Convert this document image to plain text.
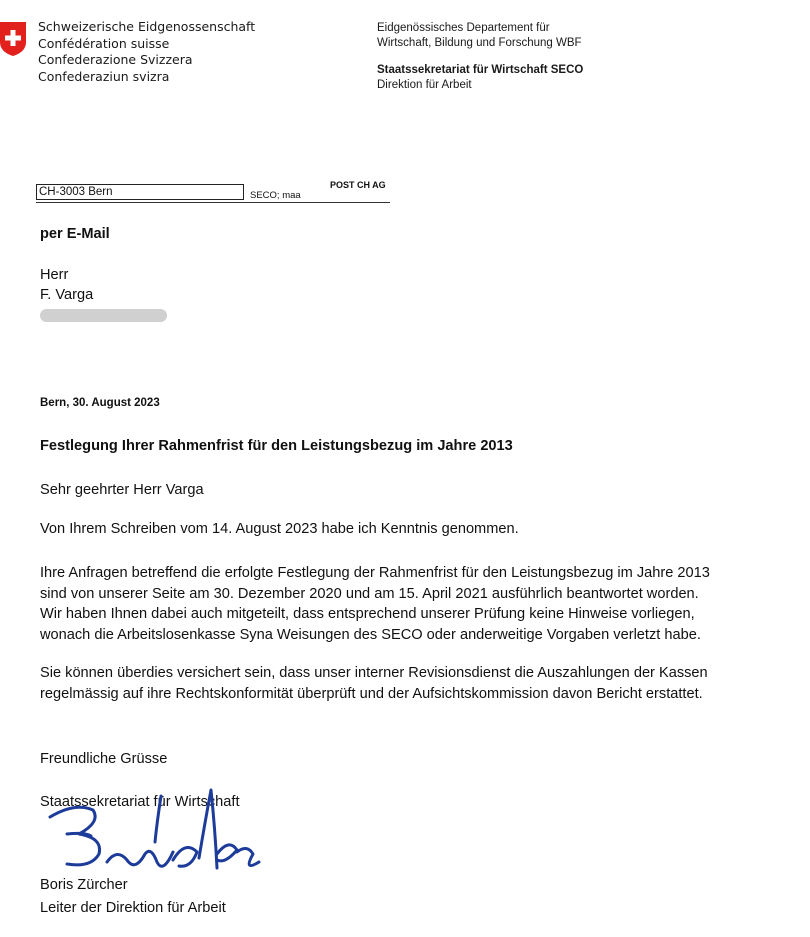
Schweizerische Eidgenossenschaft
Confédération suisse
Confederazione Svizzera
Confederaziun svizra
Eidgenössisches Departement für
Wirtschaft, Bildung und Forschung WBF
Staatssekretariat für Wirtschaft SECO
Direktion für Arbeit
CH-3003 Bern	SECO; maa
POST CH AG
per E-Mail
Herr
F. Varga
Bern, 30. August 2023
Festlegung Ihrer Rahmenfrist für den Leistungsbezug im Jahre 2013
Sehr geehrter Herr Varga
Von Ihrem Schreiben vom 14. August 2023 habe ich Kenntnis genommen.
Ihre Anfragen betreffend die erfolgte Festlegung der Rahmenfrist für den Leistungsbezug im Jahre 2013
sind von unserer Seite am 30. Dezember 2020 und am 15. April 2021 ausführlich beantwortet worden.
Wir haben Ihnen dabei auch mitgeteilt, dass entsprechend unserer Prüfung keine Hinweise vorliegen,
wonach die Arbeitslosenkasse Syna Weisungen des SECO oder anderweitige Vorgaben verletzt habe.
Sie können überdies versichert sein, dass unser interner Revisionsdienst die Auszahlungen der Kassen
regelmässig auf ihre Rechtskonformität überprüft und der Aufsichtskommission davon Bericht erstattet.
Freundliche Grüsse
Staatssekretariat für Wirtschaft
Boris Zürcher
Leiter der Direktion für Arbeit
